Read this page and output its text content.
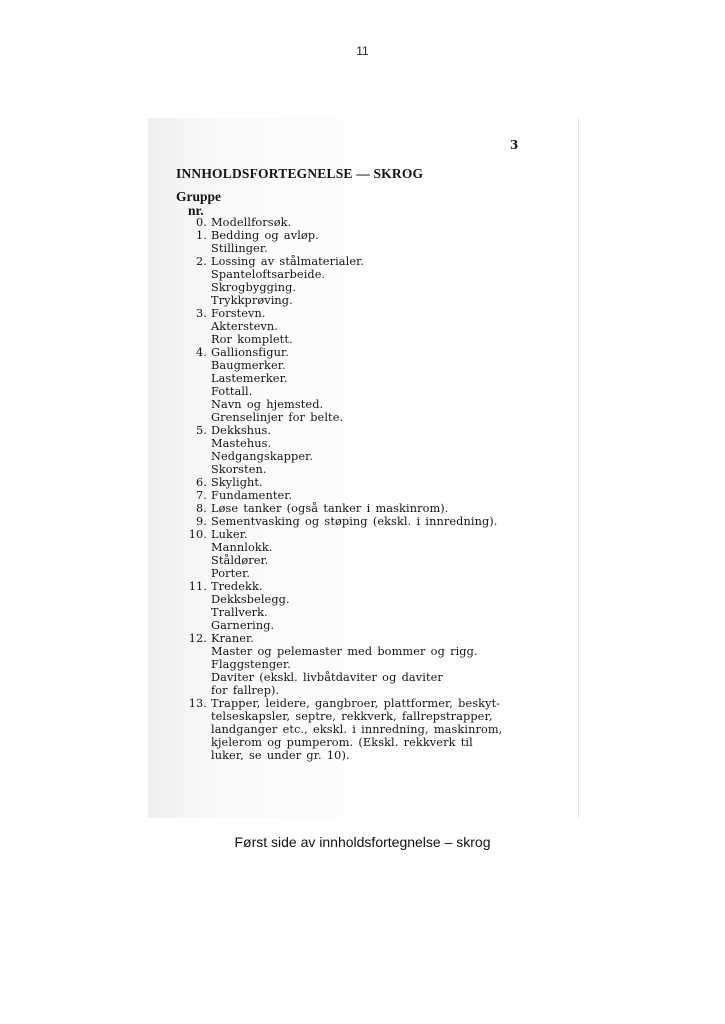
11
3
INNHOLDSFORTEGNELSE — SKROG
Gruppe
nr.
0. Modellforsøk.
1. Bedding og avløp.
Stillinger.
2. Lossing av stålmaterialer.
Spanteloftsarbeide.
Skrogbygging.
Trykkprøving.
3. Forstevn.
Akterstevn.
Ror komplett.
4. Gallionsfigur.
Baugmerker.
Lastemerker.
Fottall.
Navn og hjemsted.
Grenselinjer for belte.
5. Dekkshus.
Mastehus.
Nedgangskapper.
Skorsten.
6. Skylight.
7. Fundamenter.
8. Løse tanker (også tanker i maskinrom).
9. Sementvasking og støping (ekskl. i innredning).
10. Luker.
Mannlokk.
Ståldører.
Porter.
11. Tredekk.
Dekksbelegg.
Trallverk.
Garnering.
12. Kraner.
Master og pelemaster med bommer og rigg.
Flaggstenger.
Daviter (ekskl. livbåtdaviter og daviter
for fallrep).
13. Trapper, leidere, gangbroer, plattformer, beskyt-
telseskapsler, septre, rekkverk, fallrepstrapper,
landganger etc., ekskl. i innredning, maskinrom,
kjelerom og pumperom. (Ekskl. rekkverk til
luker, se under gr. 10).
Først side av innholdsfortegnelse – skrog
